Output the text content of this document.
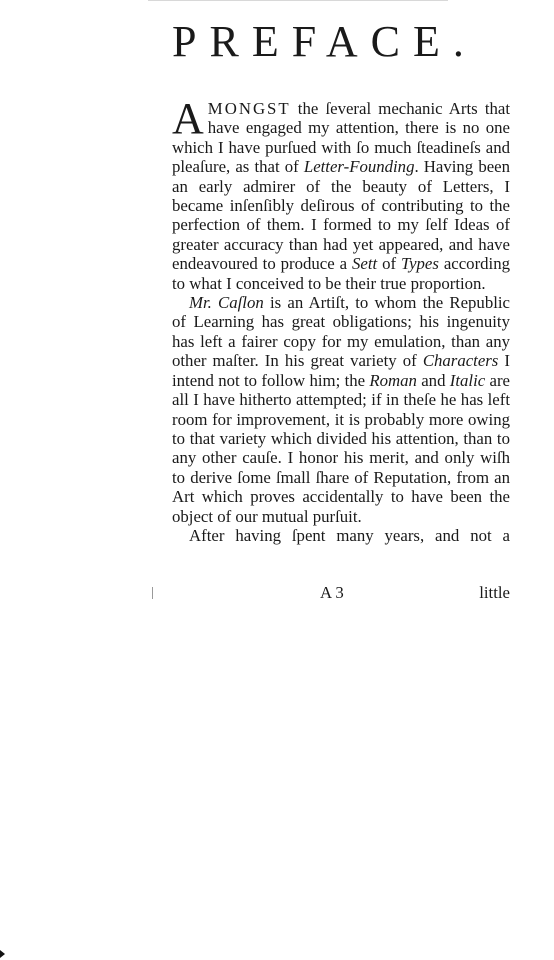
PREFACE.

AMONGST the ſeveral mechanic Arts that have engaged my attention, there is no one which I have purſued with ſo much ſteadineſs and pleaſure, as that of Letter-Founding. Having been an early admirer of the beauty of Letters, I became inſenſibly deſirous of contributing to the perfection of them. I formed to my ſelf Ideas of greater accuracy than had yet appeared, and have endeavoured to produce a Sett of Types according to what I conceived to be their true proportion.

Mr. Caſlon is an Artiſt, to whom the Republic of Learning has great obligations; his ingenuity has left a fairer copy for my emulation, than any other maſter. In his great variety of Characters I intend not to follow him; the Roman and Italic are all I have hitherto attempted; if in theſe he has left room for improvement, it is probably more owing to that variety which divided his attention, than to any other cauſe. I honor his merit, and only wiſh to derive ſome ſmall ſhare of Reputation, from an Art which proves accidentally to have been the object of our mutual purſuit.

After having ſpent many years, and not a

A 3	little
